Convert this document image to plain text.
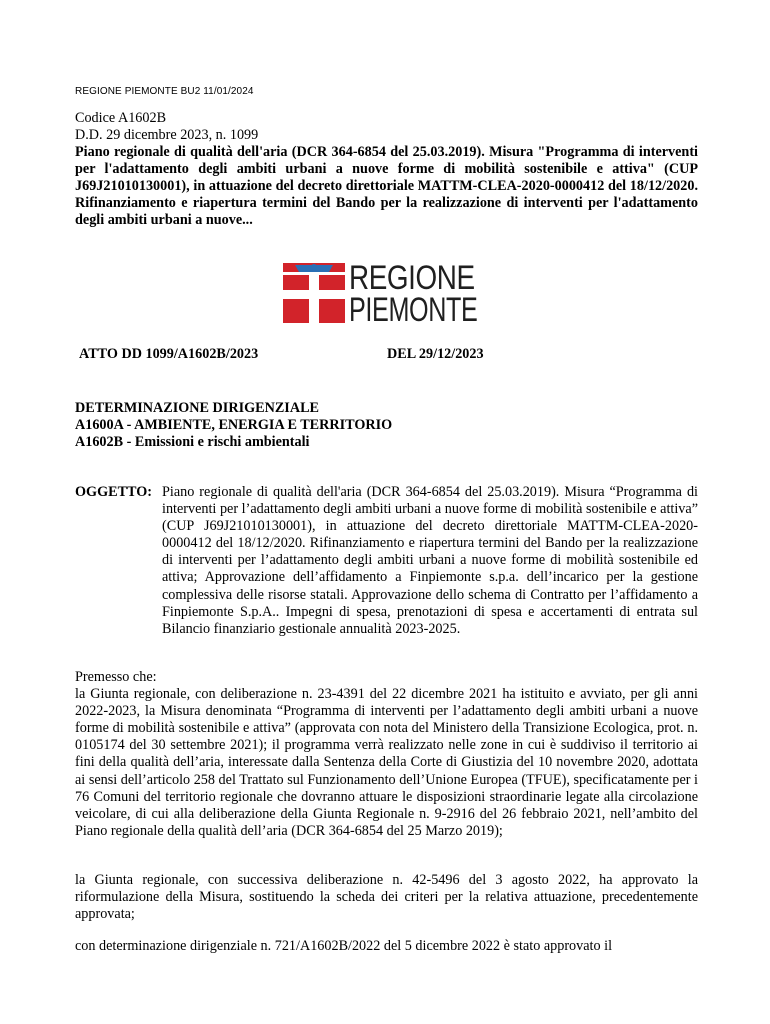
REGIONE PIEMONTE BU2 11/01/2024
Codice A1602B
D.D. 29 dicembre 2023, n. 1099
Piano regionale di qualità dell'aria (DCR 364-6854 del 25.03.2019). Misura "Programma di interventi per l'adattamento degli ambiti urbani a nuove forme di mobilità sostenibile e attiva" (CUP J69J21010130001), in attuazione del decreto direttoriale MATTM-CLEA-2020-0000412 del 18/12/2020. Rifinanziamento e riapertura termini del Bando per la realizzazione di interventi per l'adattamento degli ambiti urbani a nuove...
REGIONE
PIEMONTE
ATTO DD 1099/A1602B/2023	DEL 29/12/2023
DETERMINAZIONE DIRIGENZIALE
A1600A - AMBIENTE, ENERGIA E TERRITORIO
A1602B - Emissioni e rischi ambientali
OGGETTO: Piano regionale di qualità dell'aria (DCR 364-6854 del 25.03.2019). Misura “Programma di interventi per l’adattamento degli ambiti urbani a nuove forme di mobilità sostenibile e attiva” (CUP J69J21010130001), in attuazione del decreto direttoriale MATTM-CLEA-2020-0000412 del 18/12/2020. Rifinanziamento e riapertura termini del Bando per la realizzazione di interventi per l’adattamento degli ambiti urbani a nuove forme di mobilità sostenibile ed attiva; Approvazione dell’affidamento a Finpiemonte s.p.a. dell’incarico per la gestione complessiva delle risorse statali. Approvazione dello schema di Contratto per l’affidamento a Finpiemonte S.p.A.. Impegni di spesa, prenotazioni di spesa e accertamenti di entrata sul Bilancio finanziario gestionale annualità 2023-2025.
Premesso che:
la Giunta regionale, con deliberazione n. 23-4391 del 22 dicembre 2021 ha istituito e avviato, per gli anni 2022-2023, la Misura denominata “Programma di interventi per l’adattamento degli ambiti urbani a nuove forme di mobilità sostenibile e attiva” (approvata con nota del Ministero della Transizione Ecologica, prot. n. 0105174 del 30 settembre 2021); il programma verrà realizzato nelle zone in cui è suddiviso il territorio ai fini della qualità dell’aria, interessate dalla Sentenza della Corte di Giustizia del 10 novembre 2020, adottata ai sensi dell’articolo 258 del Trattato sul Funzionamento dell’Unione Europea (TFUE), specificatamente per i 76 Comuni del territorio regionale che dovranno attuare le disposizioni straordinarie legate alla circolazione veicolare, di cui alla deliberazione della Giunta Regionale n. 9-2916 del 26 febbraio 2021, nell’ambito del Piano regionale della qualità dell’aria (DCR 364-6854 del 25 Marzo 2019);
la Giunta regionale, con successiva deliberazione n. 42-5496 del 3 agosto 2022, ha approvato la riformulazione della Misura, sostituendo la scheda dei criteri per la relativa attuazione, precedentemente approvata;
con determinazione dirigenziale n. 721/A1602B/2022 del 5 dicembre 2022 è stato approvato il
